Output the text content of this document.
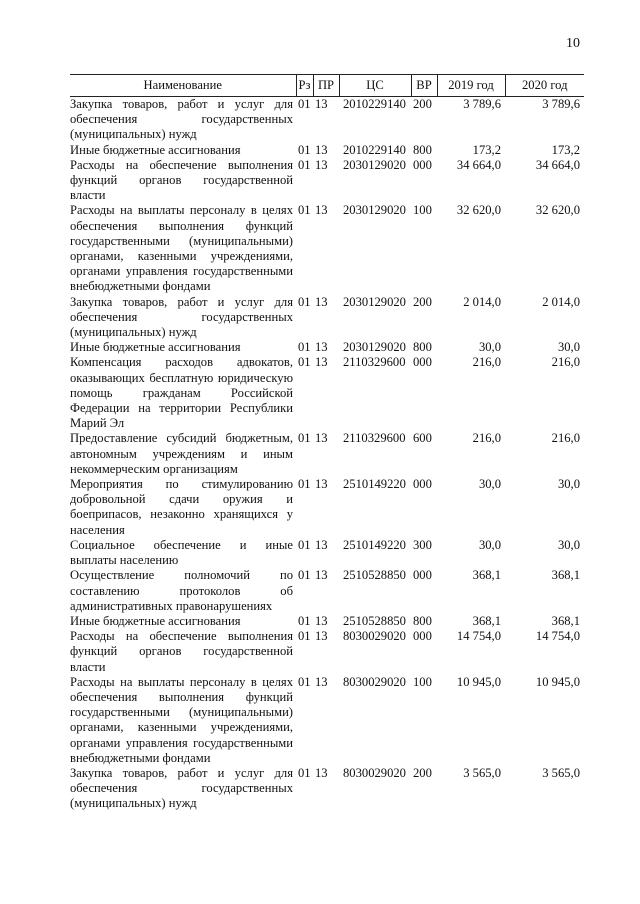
10
Наименование	Рз	ПР	ЦС	ВР	2019 год	2020 год
Закупка товаров, работ и услуг для обеспечения государственных (муниципальных) нужд	01	13	2010229140	200	3 789,6	3 789,6
Иные бюджетные ассигнования	01	13	2010229140	800	173,2	173,2
Расходы на обеспечение выполнения функций органов государственной власти	01	13	2030129020	000	34 664,0	34 664,0
Расходы на выплаты персоналу в целях обеспечения выполнения функций государственными (муниципальными) органами, казенными учреждениями, органами управления государственными внебюджетными фондами	01	13	2030129020	100	32 620,0	32 620,0
Закупка товаров, работ и услуг для обеспечения государственных (муниципальных) нужд	01	13	2030129020	200	2 014,0	2 014,0
Иные бюджетные ассигнования	01	13	2030129020	800	30,0	30,0
Компенсация расходов адвокатов, оказывающих бесплатную юридическую помощь гражданам Российской Федерации на территории Республики Марий Эл	01	13	2110329600	000	216,0	216,0
Предоставление субсидий бюджетным, автономным учреждениям и иным некоммерческим организациям	01	13	2110329600	600	216,0	216,0
Мероприятия по стимулированию добровольной сдачи оружия и боеприпасов, незаконно хранящихся у населения	01	13	2510149220	000	30,0	30,0
Социальное обеспечение и иные выплаты населению	01	13	2510149220	300	30,0	30,0
Осуществление полномочий по составлению протоколов об административных правонарушениях	01	13	2510528850	000	368,1	368,1
Иные бюджетные ассигнования	01	13	2510528850	800	368,1	368,1
Расходы на обеспечение выполнения функций органов государственной власти	01	13	8030029020	000	14 754,0	14 754,0
Расходы на выплаты персоналу в целях обеспечения выполнения функций государственными (муниципальными) органами, казенными учреждениями, органами управления государственными внебюджетными фондами	01	13	8030029020	100	10 945,0	10 945,0
Закупка товаров, работ и услуг для обеспечения государственных (муниципальных) нужд	01	13	8030029020	200	3 565,0	3 565,0
